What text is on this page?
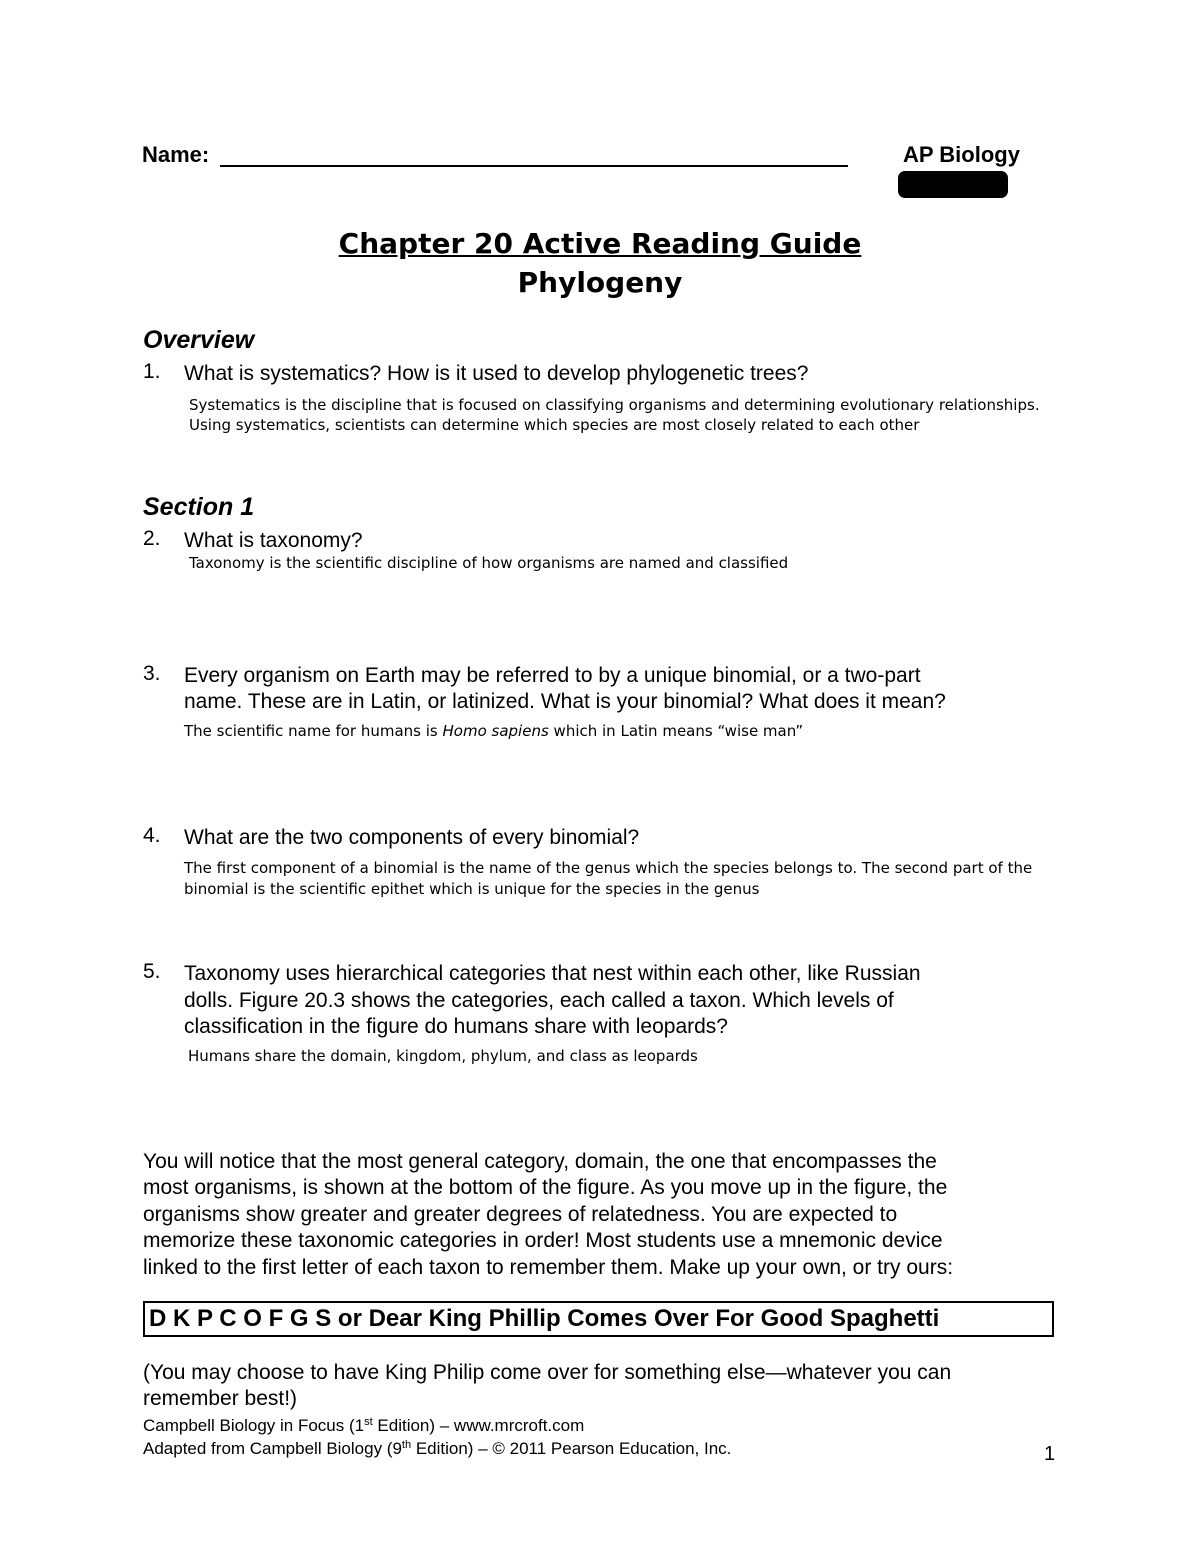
Name:	AP Biology
Chapter 20 Active Reading Guide
Phylogeny
Overview
1. What is systematics? How is it used to develop phylogenetic trees?
Systematics is the discipline that is focused on classifying organisms and determining evolutionary relationships.
Using systematics, scientists can determine which species are most closely related to each other
Section 1
2. What is taxonomy?
Taxonomy is the scientific discipline of how organisms are named and classified
3. Every organism on Earth may be referred to by a unique binomial, or a two-part
name. These are in Latin, or latinized. What is your binomial? What does it mean?
The scientific name for humans is Homo sapiens which in Latin means “wise man”
4. What are the two components of every binomial?
The first component of a binomial is the name of the genus which the species belongs to. The second part of the
binomial is the scientific epithet which is unique for the species in the genus
5. Taxonomy uses hierarchical categories that nest within each other, like Russian
dolls. Figure 20.3 shows the categories, each called a taxon. Which levels of
classification in the figure do humans share with leopards?
Humans share the domain, kingdom, phylum, and class as leopards
You will notice that the most general category, domain, the one that encompasses the
most organisms, is shown at the bottom of the figure. As you move up in the figure, the
organisms show greater and greater degrees of relatedness. You are expected to
memorize these taxonomic categories in order! Most students use a mnemonic device
linked to the first letter of each taxon to remember them. Make up your own, or try ours:
D K P C O F G S or Dear King Phillip Comes Over For Good Spaghetti
(You may choose to have King Philip come over for something else—whatever you can
remember best!)
Campbell Biology in Focus (1st Edition) – www.mrcroft.com
Adapted from Campbell Biology (9th Edition) – © 2011 Pearson Education, Inc.	1
